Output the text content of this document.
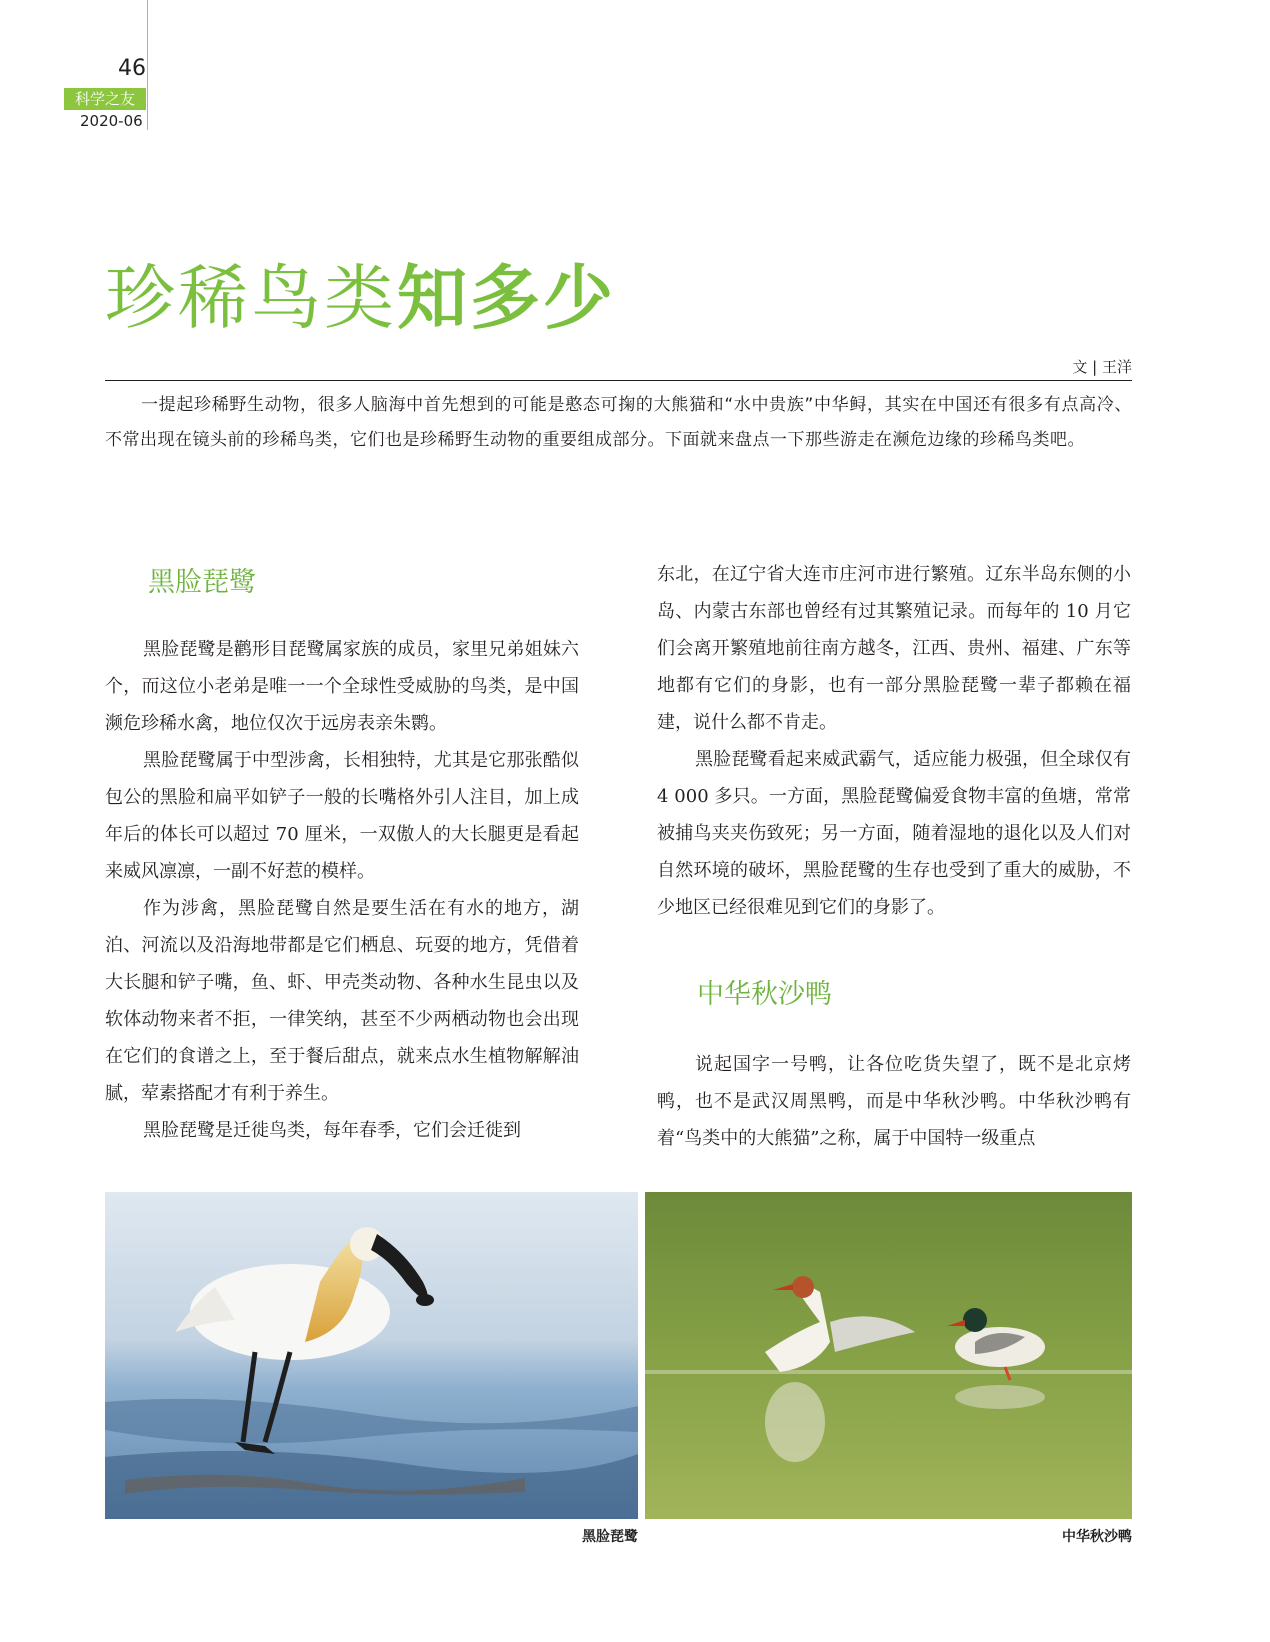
46
科学之友
2020-06
珍稀鸟类知多少
文 | 王洋

一提起珍稀野生动物，很多人脑海中首先想到的可能是憨态可掬的大熊猫和“水中贵族”中华鲟，其实在中国还有很多有点高冷、不常出现在镜头前的珍稀鸟类，它们也是珍稀野生动物的重要组成部分。下面就来盘点一下那些游走在濒危边缘的珍稀鸟类吧。

黑脸琵鹭

黑脸琵鹭是鹳形目琵鹭属家族的成员，家里兄弟姐妹六个，而这位小老弟是唯一一个全球性受威胁的鸟类，是中国濒危珍稀水禽，地位仅次于远房表亲朱鹮。

黑脸琵鹭属于中型涉禽，长相独特，尤其是它那张酷似包公的黑脸和扁平如铲子一般的长嘴格外引人注目，加上成年后的体长可以超过 70 厘米，一双傲人的大长腿更是看起来威风凛凛，一副不好惹的模样。

作为涉禽，黑脸琵鹭自然是要生活在有水的地方，湖泊、河流以及沿海地带都是它们栖息、玩耍的地方，凭借着大长腿和铲子嘴，鱼、虾、甲壳类动物、各种水生昆虫以及软体动物来者不拒，一律笑纳，甚至不少两栖动物也会出现在它们的食谱之上，至于餐后甜点，就来点水生植物解解油腻，荤素搭配才有利于养生。

黑脸琵鹭是迁徙鸟类，每年春季，它们会迁徙到

东北，在辽宁省大连市庄河市进行繁殖。辽东半岛东侧的小岛、内蒙古东部也曾经有过其繁殖记录。而每年的 10 月它们会离开繁殖地前往南方越冬，江西、贵州、福建、广东等地都有它们的身影，也有一部分黑脸琵鹭一辈子都赖在福建，说什么都不肯走。

黑脸琵鹭看起来威武霸气，适应能力极强，但全球仅有 4 000 多只。一方面，黑脸琵鹭偏爱食物丰富的鱼塘，常常被捕鸟夹夹伤致死；另一方面，随着湿地的退化以及人们对自然环境的破坏，黑脸琵鹭的生存也受到了重大的威胁，不少地区已经很难见到它们的身影了。

中华秋沙鸭

说起国字一号鸭，让各位吃货失望了，既不是北京烤鸭，也不是武汉周黑鸭，而是中华秋沙鸭。中华秋沙鸭有着“鸟类中的大熊猫”之称，属于中国特一级重点

黑脸琵鹭	中华秋沙鸭
